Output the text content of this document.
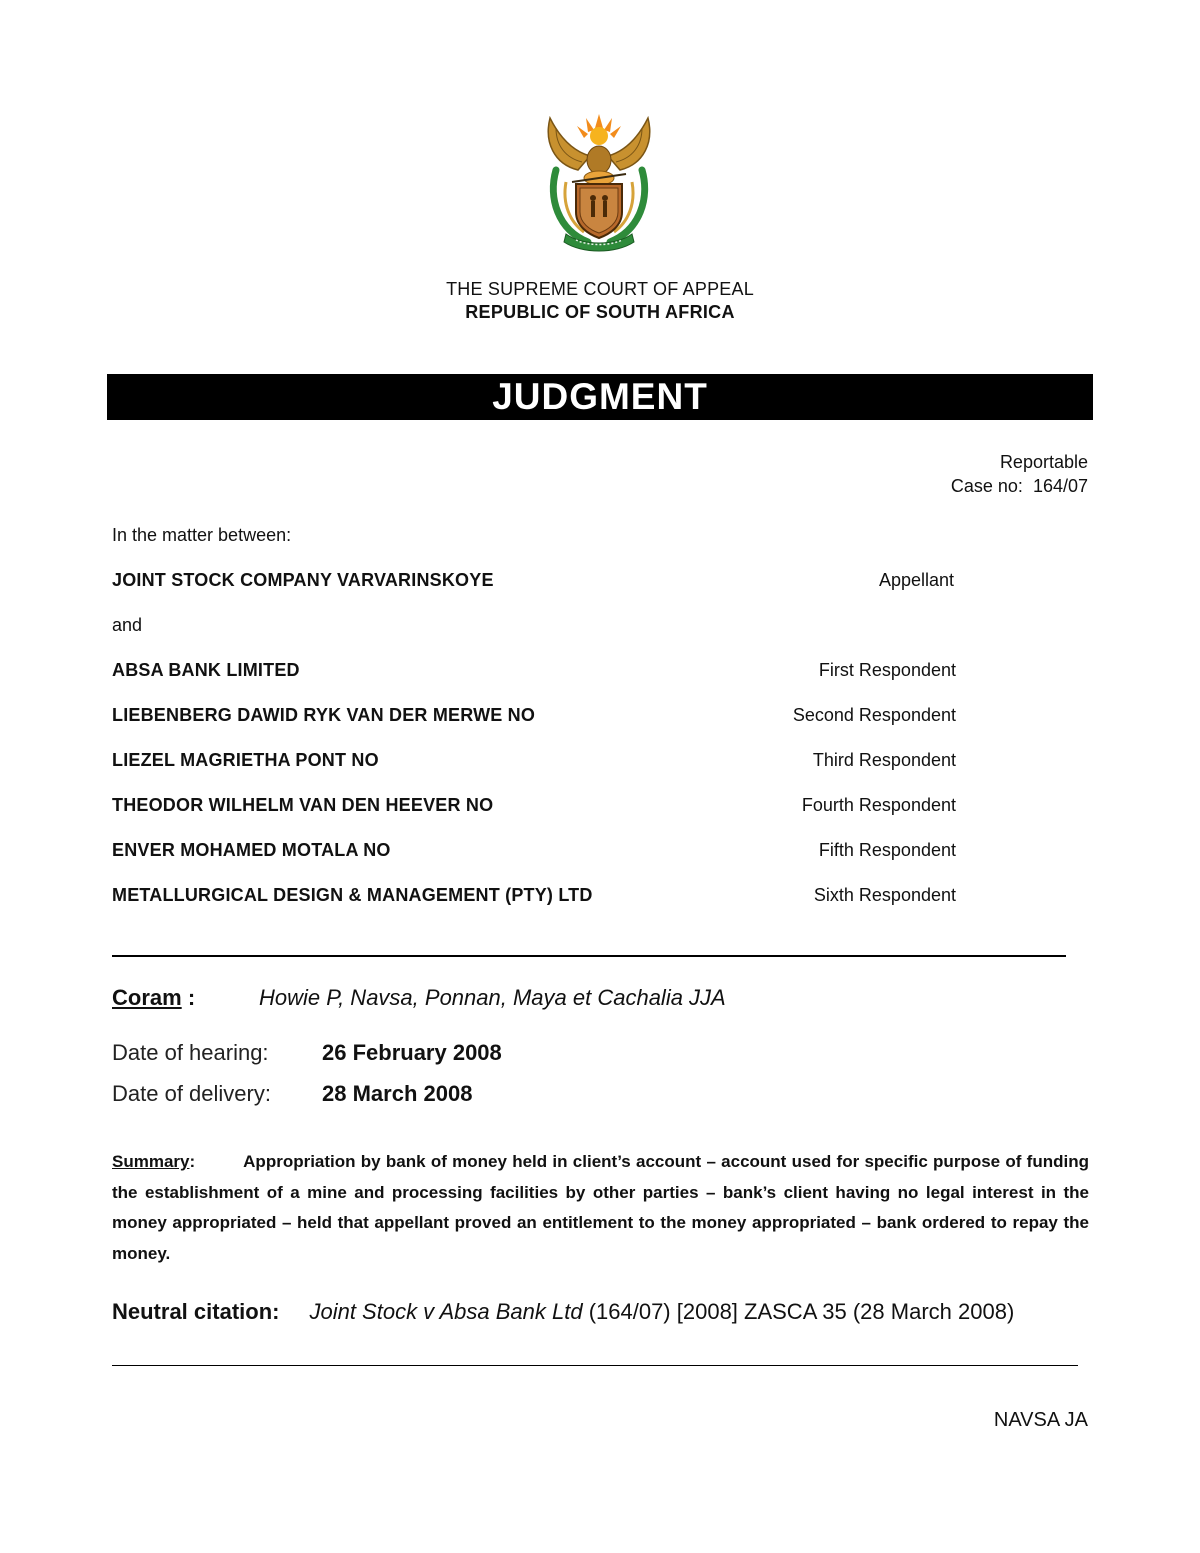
THE SUPREME COURT OF APPEAL
REPUBLIC OF SOUTH AFRICA
JUDGMENT
Reportable
Case no: 164/07
In the matter between:
JOINT STOCK COMPANY VARVARINSKOYE	Appellant
and
ABSA BANK LIMITED	First Respondent
LIEBENBERG DAWID RYK VAN DER MERWE NO	Second Respondent
LIEZEL MAGRIETHA PONT NO	Third Respondent
THEODOR WILHELM VAN DEN HEEVER NO	Fourth Respondent
ENVER MOHAMED MOTALA NO	Fifth Respondent
METALLURGICAL DESIGN & MANAGEMENT (PTY) LTD	Sixth Respondent
Coram :	Howie P, Navsa, Ponnan, Maya et Cachalia JJA
Date of hearing: 26 February 2008
Date of delivery: 28 March 2008
Summary:	Appropriation by bank of money held in client’s account – account used for specific purpose of funding the establishment of a mine and processing facilities by other parties – bank’s client having no legal interest in the money appropriated – held that appellant proved an entitlement to the money appropriated – bank ordered to repay the money.
Neutral citation: Joint Stock v Absa Bank Ltd (164/07) [2008] ZASCA 35 (28 March 2008)
NAVSA JA
